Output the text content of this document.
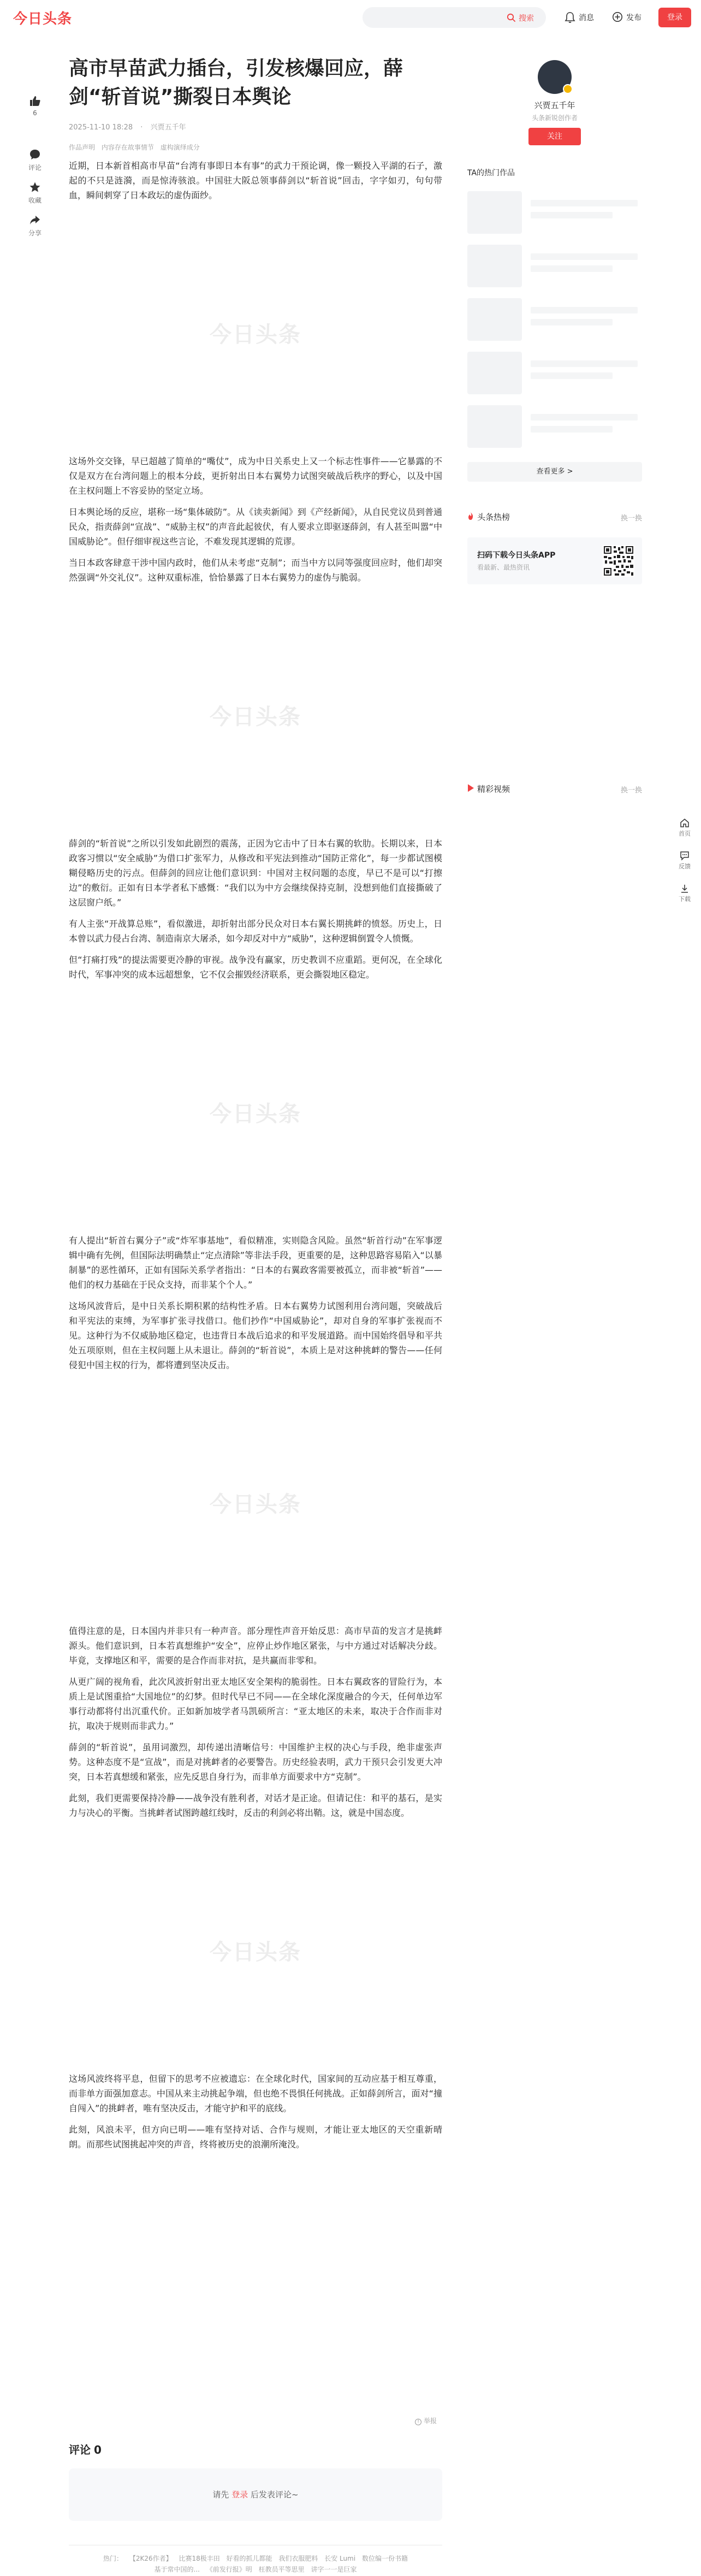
今日头条	搜索	消息	发布	登录
6
评论
收藏
分享
高市早苗武力插台，引发核爆回应，薛剑“斩首说”撕裂日本舆论
2025-11-10 18:28 · 兴贾五千年
作品声明 内容存在故事情节 虚构演绎成分

近期，日本新首相高市早苗“台湾有事即日本有事”的武力干预论调，像一颗投入平湖的石子，激起的不只是涟漪，而是惊涛骇浪。中国驻大阪总领事薛剑以“斩首说”回击，字字如刃，句句带血，瞬间刺穿了日本政坛的虚伪面纱。

今日头条

这场外交交锋，早已超越了简单的“嘴仗”，成为中日关系史上又一个标志性事件——它暴露的不仅是双方在台湾问题上的根本分歧，更折射出日本右翼势力试图突破战后秩序的野心，以及中国在主权问题上不容妥协的坚定立场。

日本舆论场的反应，堪称一场“集体破防”。从《读卖新闻》到《产经新闻》，从自民党议员到普通民众，指责薛剑“宣战”、“威胁主权”的声音此起彼伏，有人要求立即驱逐薛剑，有人甚至叫嚣“中国威胁论”。但仔细审视这些言论，不难发现其逻辑的荒谬。

当日本政客肆意干涉中国内政时，他们从未考虑“克制”；而当中方以同等强度回应时，他们却突然强调“外交礼仪”。这种双重标准，恰恰暴露了日本右翼势力的虚伪与脆弱。

今日头条

薛剑的“斩首说”之所以引发如此剧烈的震荡，正因为它击中了日本右翼的软肋。长期以来，日本政客习惯以“安全威胁”为借口扩张军力，从修改和平宪法到推动“国防正常化”，每一步都试图模糊侵略历史的污点。但薛剑的回应让他们意识到：中国对主权问题的态度，早已不是可以“打擦边”的敷衍。正如有日本学者私下感慨：“我们以为中方会继续保持克制，没想到他们直接撕破了这层窗户纸。”

有人主张“开战算总账”，看似激进，却折射出部分民众对日本右翼长期挑衅的愤怒。历史上，日本曾以武力侵占台湾、制造南京大屠杀，如今却反对中方“威胁”，这种逻辑倒置令人愤慨。

但“打痛打残”的提法需要更冷静的审视。战争没有赢家，历史教训不应重蹈。更何况，在全球化时代，军事冲突的成本远超想象，它不仅会摧毁经济联系，更会撕裂地区稳定。

今日头条

有人提出“斩首右翼分子”或“炸军事基地”，看似精准，实则隐含风险。虽然“斩首行动”在军事逻辑中确有先例，但国际法明确禁止“定点清除”等非法手段，更重要的是，这种思路容易陷入“以暴制暴”的恶性循环，正如有国际关系学者指出：“日本的右翼政客需要被孤立，而非被“斩首”——他们的权力基础在于民众支持，而非某个个人。”

这场风波背后，是中日关系长期积累的结构性矛盾。日本右翼势力试图利用台湾问题，突破战后和平宪法的束缚，为军事扩张寻找借口。他们抄作“中国威胁论”，却对自身的军事扩张视而不见。这种行为不仅威胁地区稳定，也违背日本战后追求的和平发展道路。而中国始终倡导和平共处五项原则，但在主权问题上从未退让。薛剑的“斩首说”，本质上是对这种挑衅的警告——任何侵犯中国主权的行为，都将遭到坚决反击。

今日头条

值得注意的是，日本国内并非只有一种声音。部分理性声音开始反思：高市早苗的发言才是挑衅源头。他们意识到，日本若真想维护“安全”，应停止炒作地区紧张，与中方通过对话解决分歧。毕竟，支撑地区和平，需要的是合作而非对抗，是共赢而非零和。

从更广阔的视角看，此次风波折射出亚太地区安全架构的脆弱性。日本右翼政客的冒险行为，本质上是试图重拾“大国地位”的幻梦。但时代早已不同——在全球化深度融合的今天，任何单边军事行动都将付出沉重代价。正如新加坡学者马凯硕所言：“亚太地区的未来，取决于合作而非对抗，取决于规则而非武力。”

薛剑的“斩首说”，虽用词激烈，却传递出清晰信号：中国维护主权的决心与手段，绝非虚张声势。这种态度不是“宣战”，而是对挑衅者的必要警告。历史经验表明，武力干预只会引发更大冲突，日本若真想缓和紧张，应先反思自身行为，而非单方面要求中方“克制”。

此刻，我们更需要保持冷静——战争没有胜利者，对话才是正途。但请记住：和平的基石，是实力与决心的平衡。当挑衅者试图跨越红线时，反击的利剑必将出鞘。这，就是中国态度。

今日头条

这场风波终将平息，但留下的思考不应被遗忘：在全球化时代，国家间的互动应基于相互尊重，而非单方面强加意志。中国从来主动挑起争端，但也绝不畏惧任何挑战。正如薛剑所言，面对“撞自闯入”的挑衅者，唯有坚决反击，才能守护和平的底线。

此刻，风浪未平，但方向已明——唯有坚持对话、合作与规则，才能让亚太地区的天空重新晴朗。而那些试图挑起冲突的声音，终将被历史的浪潮所淹没。

! 举报
评论 0
请先 登录 后发表评论~
热门： 【2K26作者】 比赛18极丰田 好看的抓儿都能 我们衣服肥料 长安 Lumi 数位编一份书籍
基于常中国的... 《前发行报》明 枉教员平等思里 讲字一一是巨家
兴贾五千年
头条新锐创作者
关注
TA的热门作品
查看更多 >
头条热榜	换一换
扫码下载今日头条APP
看最新、最热资讯
精彩视频	换一换
首页
反馈
下载
